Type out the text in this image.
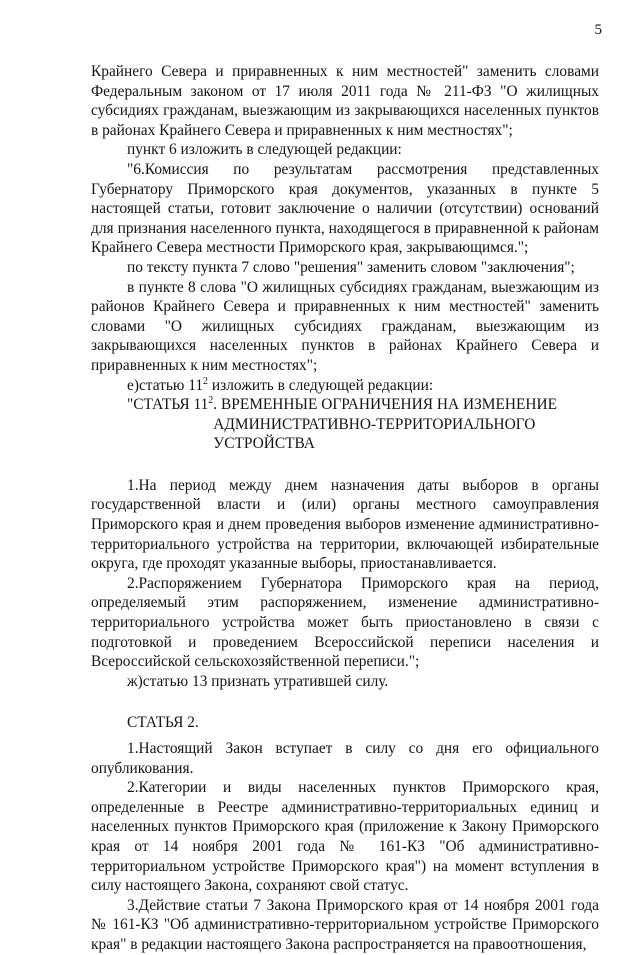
5

Крайнего Севера и приравненных к ним местностей" заменить словами Федеральным законом от 17 июля 2011 года № 211-ФЗ "О жилищных субсидиях гражданам, выезжающим из закрывающихся населенных пунктов в районах Крайнего Севера и приравненных к ним местностях";

пункт 6 изложить в следующей редакции:

"6.Комиссия по результатам рассмотрения представленных Губернатору Приморского края документов, указанных в пункте 5 настоящей статьи, готовит заключение о наличии (отсутствии) оснований для признания населенного пункта, находящегося в приравненной к районам Крайнего Севера местности Приморского края, закрывающимся.";

по тексту пункта 7 слово "решения" заменить словом "заключения";

в пункте 8 слова "О жилищных субсидиях гражданам, выезжающим из районов Крайнего Севера и приравненных к ним местностей" заменить словами "О жилищных субсидиях гражданам, выезжающим из закрывающихся населенных пунктов в районах Крайнего Севера и приравненных к ним местностях";

е)статью $11^2$ изложить в следующей редакции:

"СТАТЬЯ $11^2$ . ВРЕМЕННЫЕ ОГРАНИЧЕНИЯ НА ИЗМЕНЕНИЕ АДМИНИСТРАТИВНО-ТЕРРИТОРИАЛЬНОГО УСТРОЙСТВА

1.На период между днем назначения даты выборов в органы государственной власти и (или) органы местного самоуправления Приморского края и днем проведения выборов изменение административно-территориального устройства на территории, включающей избирательные округа, где проходят указанные выборы, приостанавливается.

2.Распоряжением Губернатора Приморского края на период, определяемый этим распоряжением, изменение административно-территориального устройства может быть приостановлено в связи с подготовкой и проведением Всероссийской переписи населения и Всероссийской сельскохозяйственной переписи.";

ж)статью 13 признать утратившей силу.

СТАТЬЯ 2.

1.Настоящий Закон вступает в силу со дня его официального опубликования.

2.Категории и виды населенных пунктов Приморского края, определенные в Реестре административно-территориальных единиц и населенных пунктов Приморского края (приложение к Закону Приморского края от 14 ноября 2001 года № 161-КЗ "Об административно-территориальном устройстве Приморского края") на момент вступления в силу настоящего Закона, сохраняют свой статус.

3.Действие статьи 7 Закона Приморского края от 14 ноября 2001 года № 161-КЗ "Об административно-территориальном устройстве Приморского края" в редакции настоящего Закона распространяется на правоотношения,
